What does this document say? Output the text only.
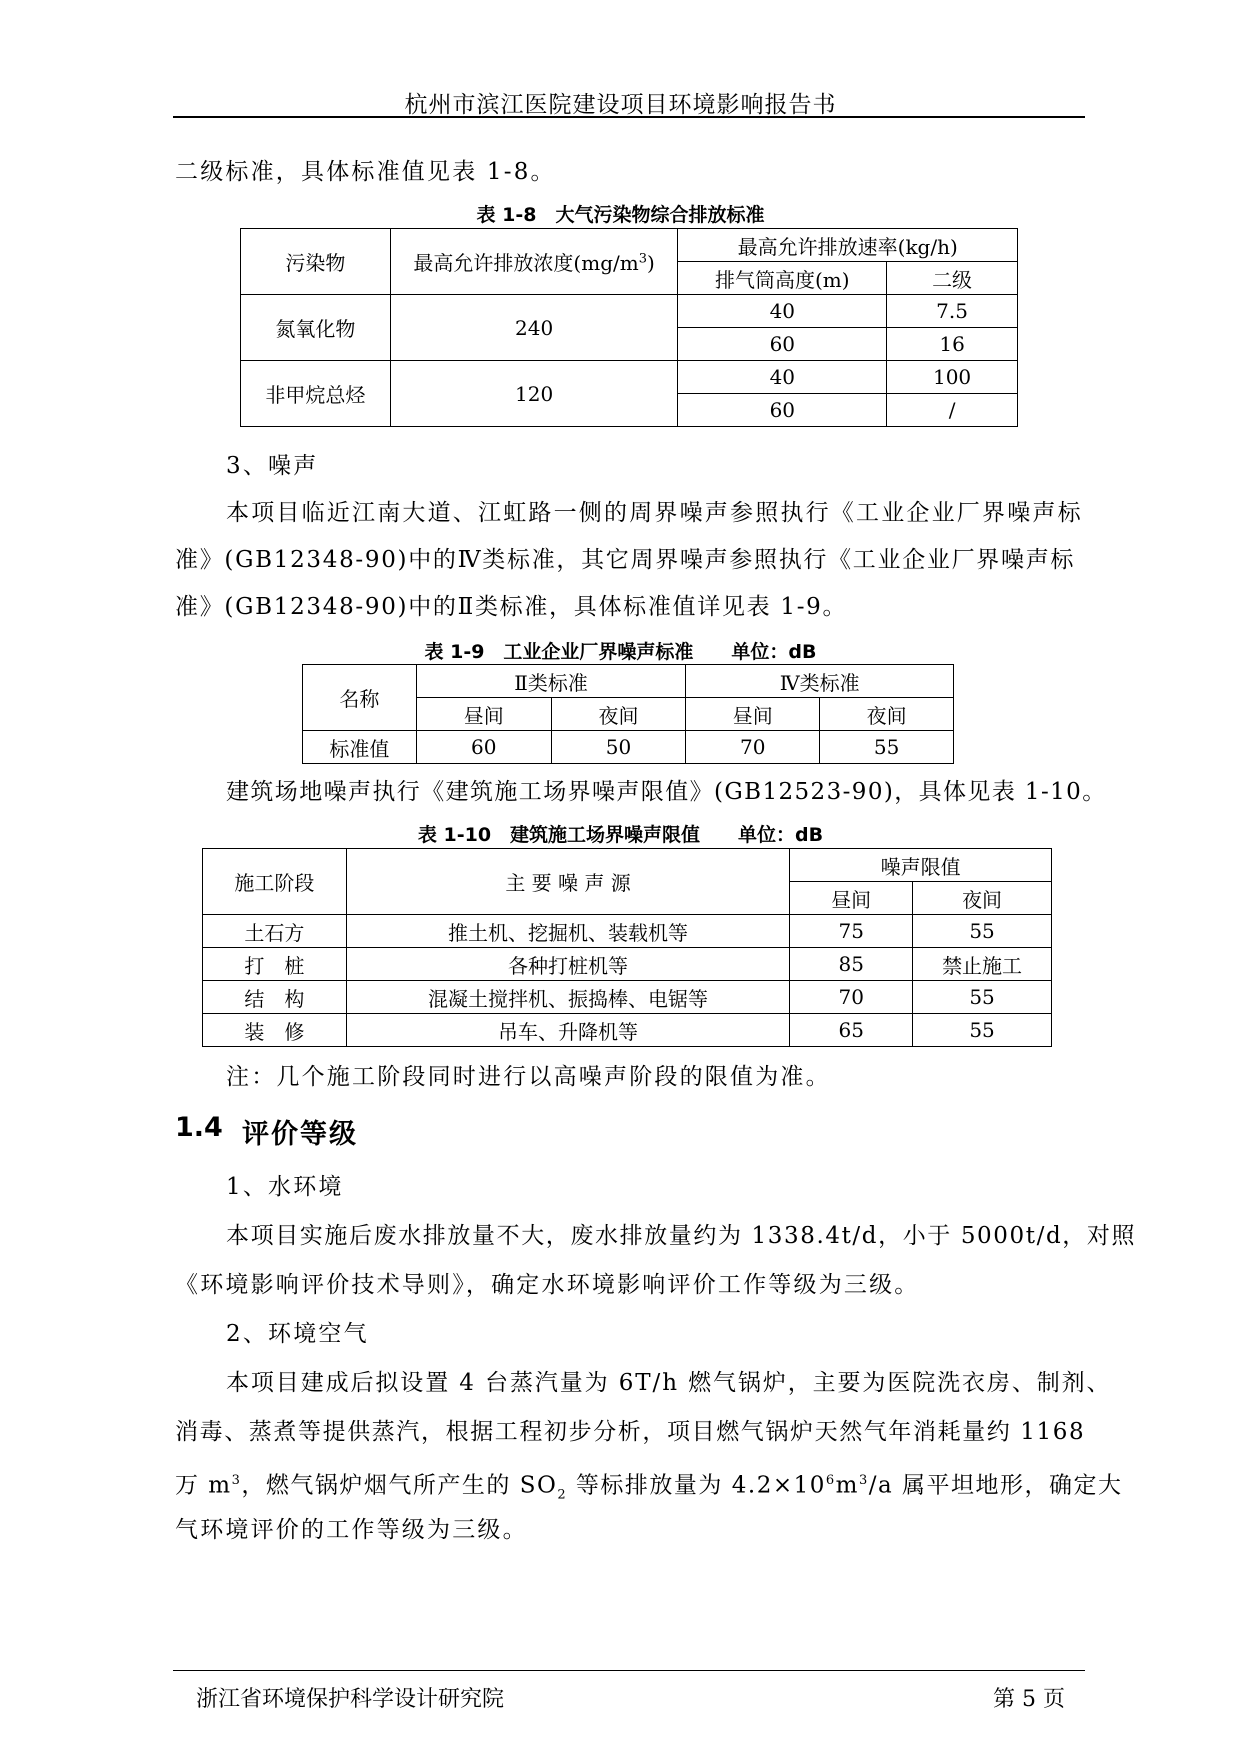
杭州市滨江医院建设项目环境影响报告书
二级标准，具体标准值见表 1-8。
表 1-8　大气污染物综合排放标准
污染物	最高允许排放浓度$(mg/m^3)$	最高允许排放速率(kg/h)	
		排气筒高度(m)	二级
氮氧化物	240	40	7.5
		60	16
非甲烷总烃	120	40	100
		60	/
3、噪声
本项目临近江南大道、江虹路一侧的周界噪声参照执行《工业企业厂界噪声标
准》(GB12348-90)中的Ⅳ类标准，其它周界噪声参照执行《工业企业厂界噪声标
准》(GB12348-90)中的Ⅱ类标准，具体标准值详见表 1-9。
表 1-9　工业企业厂界噪声标准　　单位：dB
名称	Ⅱ类标准		Ⅳ类标准	
	昼间	夜间	昼间	夜间
标准值	60	50	70	55
建筑场地噪声执行《建筑施工场界噪声限值》(GB12523-90)，具体见表 1-10。
表 1-10　建筑施工场界噪声限值　　单位：dB
施工阶段	主 要 噪 声 源	噪声限值	
		昼间	夜间
土石方	推土机、挖掘机、装载机等	75	55
打　桩	各种打桩机等	85	禁止施工
结　构	混凝土搅拌机、振捣棒、电锯等	70	55
装　修	吊车、升降机等	65	55
注：几个施工阶段同时进行以高噪声阶段的限值为准。
1.4 评价等级
1、水环境
本项目实施后废水排放量不大，废水排放量约为 1338.4t/d，小于 5000t/d，对照
《环境影响评价技术导则》，确定水环境影响评价工作等级为三级。
2、环境空气
本项目建成后拟设置 4 台蒸汽量为 6T/h 燃气锅炉，主要为医院洗衣房、制剂、
消毒、蒸煮等提供蒸汽，根据工程初步分析，项目燃气锅炉天然气年消耗量约 1168
万 $m^3$，燃气锅炉烟气所产生的 $SO_2$ 等标排放量为 $4.2\times 10^6m^3/a$ 属平坦地形，确定大
气环境评价的工作等级为三级。
浙江省环境保护科学设计研究院	第 5 页
